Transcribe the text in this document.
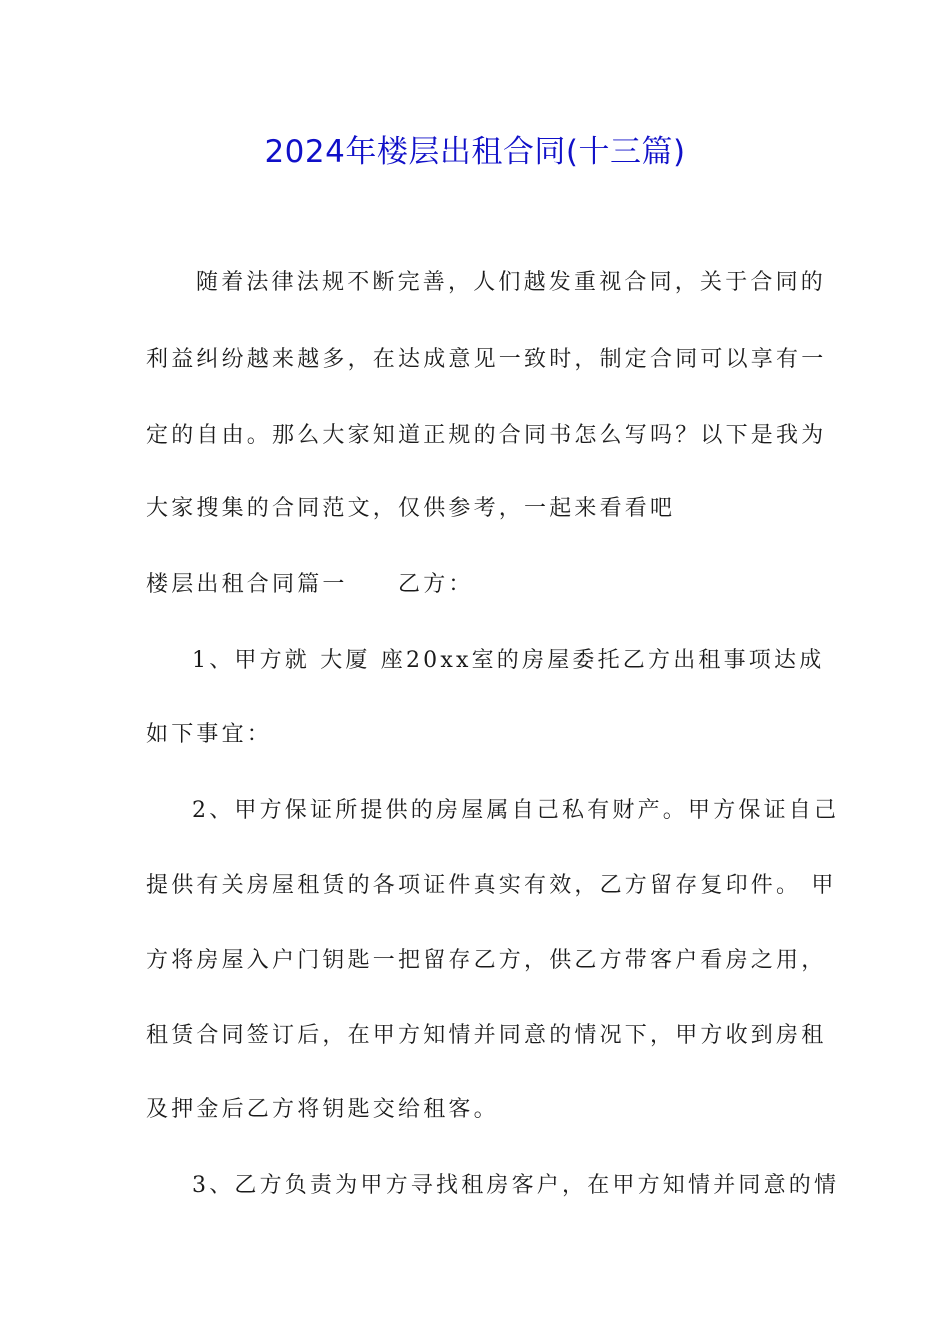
2024年楼层出租合同(十三篇)
随着法律法规不断完善，人们越发重视合同，关于合同的
利益纠纷越来越多，在达成意见一致时，制定合同可以享有一
定的自由。那么大家知道正规的合同书怎么写吗？以下是我为
大家搜集的合同范文，仅供参考，一起来看看吧
楼层出租合同篇一　　乙方：
1、甲方就 大厦 座20xx室的房屋委托乙方出租事项达成
如下事宜：
2、甲方保证所提供的房屋属自己私有财产。甲方保证自己
提供有关房屋租赁的各项证件真实有效，乙方留存复印件。 甲
方将房屋入户门钥匙一把留存乙方，供乙方带客户看房之用，
租赁合同签订后，在甲方知情并同意的情况下，甲方收到房租
及押金后乙方将钥匙交给租客。
3、乙方负责为甲方寻找租房客户，在甲方知情并同意的情
